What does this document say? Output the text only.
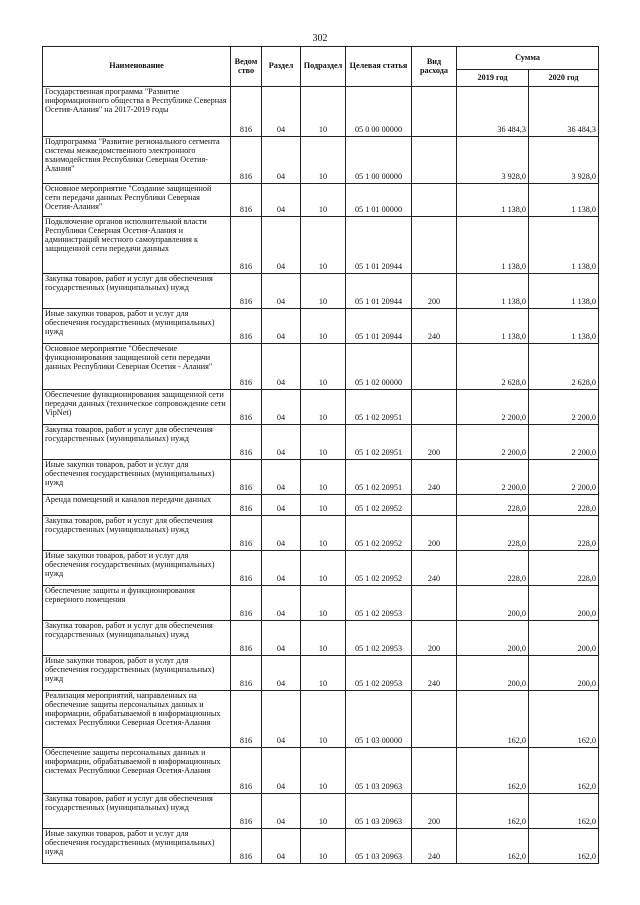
302
Наименование	Ведом ство	Раздел	Подраздел	Целевая статья	Вид расхода	Сумма	
						2019 год	2020 год
Государственная программа "Развитие информационного общества в Республике Северная Осетия-Алания" на 2017-2019 годы	816	04	10	05 0 00 00000		36 484,3	36 484,3
Подпрограмма "Развитие регионального сегмента системы межведомственного электронного взаимодействия Республики Северная Осетия-Алания"	816	04	10	05 1 00 00000		3 928,0	3 928,0
Основное мероприятие "Создание защищенной сети передачи данных Республики Северная Осетия-Алания"	816	04	10	05 1 01 00000		1 138,0	1 138,0
Подключение органов исполнительной власти Республики Северная Осетия-Алания и администраций местного самоуправления к защищенной сети передачи данных	816	04	10	05 1 01 20944		1 138,0	1 138,0
Закупка товаров, работ и услуг для обеспечения государственных (муниципальных) нужд	816	04	10	05 1 01 20944	200	1 138,0	1 138,0
Иные закупки товаров, работ и услуг для обеспечения государственных (муниципальных) нужд	816	04	10	05 1 01 20944	240	1 138,0	1 138,0
Основное мероприятие "Обеспечение функционирования защищенной сети передачи данных Республики Северная Осетия - Алания"	816	04	10	05 1 02 00000		2 628,0	2 628,0
Обеспечение функционирования защищенной сети передачи данных (техническое сопровождение сети VipNet)	816	04	10	05 1 02 20951		2 200,0	2 200,0
Закупка товаров, работ и услуг для обеспечения государственных (муниципальных) нужд	816	04	10	05 1 02 20951	200	2 200,0	2 200,0
Иные закупки товаров, работ и услуг для обеспечения государственных (муниципальных) нужд	816	04	10	05 1 02 20951	240	2 200,0	2 200,0
Аренда помещений и каналов передачи данных	816	04	10	05 1 02 20952		228,0	228,0
Закупка товаров, работ и услуг для обеспечения государственных (муниципальных) нужд	816	04	10	05 1 02 20952	200	228,0	228,0
Иные закупки товаров, работ и услуг для обеспечения государственных (муниципальных) нужд	816	04	10	05 1 02 20952	240	228,0	228,0
Обеспечение защиты и функционирования серверного помещения	816	04	10	05 1 02 20953		200,0	200,0
Закупка товаров, работ и услуг для обеспечения государственных (муниципальных) нужд	816	04	10	05 1 02 20953	200	200,0	200,0
Иные закупки товаров, работ и услуг для обеспечения государственных (муниципальных) нужд	816	04	10	05 1 02 20953	240	200,0	200,0
Реализация мероприятий, направленных на обеспечение защиты персональных данных и информации, обрабатываемой в информационных системах Республики Северная Осетия-Алания	816	04	10	05 1 03 00000		162,0	162,0
Обеспечение защиты персональных данных и информации, обрабатываемой в информационных системах Республики Северная Осетия-Алания	816	04	10	05 1 03 20963		162,0	162,0
Закупка товаров, работ и услуг для обеспечения государственных (муниципальных) нужд	816	04	10	05 1 03 20963	200	162,0	162,0
Иные закупки товаров, работ и услуг для обеспечения государственных (муниципальных) нужд	816	04	10	05 1 03 20963	240	162,0	162,0
